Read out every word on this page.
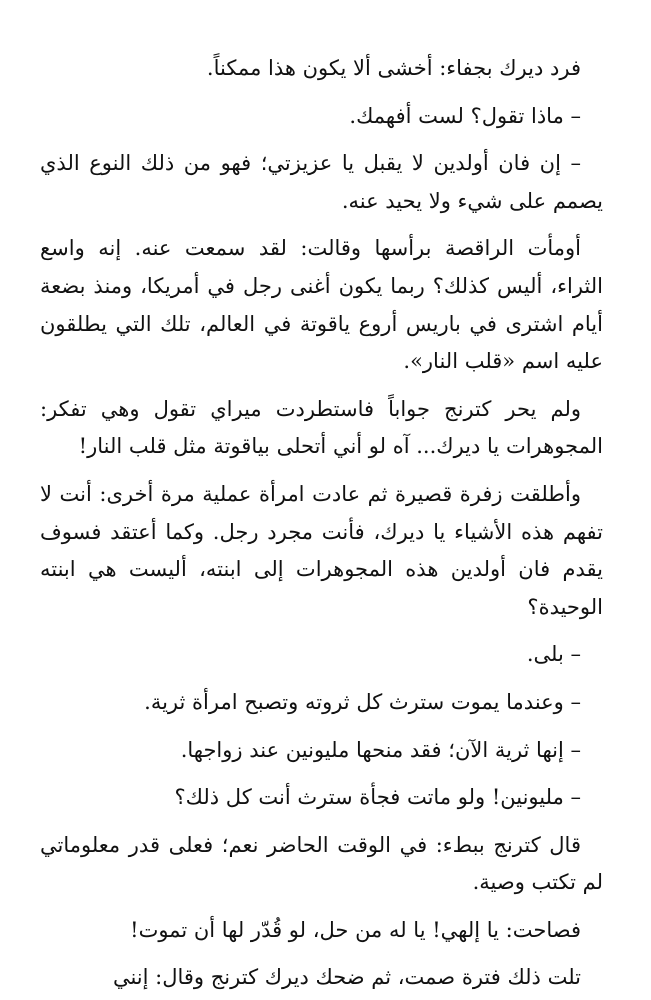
فرد ديرك بجفاء: أخشى ألا يكون هذا ممكناً.

– ماذا تقول؟ لست أفهمك.

– إن فان أولدين لا يقبل يا عزيزتي؛ فهو من ذلك النوع الذي يصمم على شيء ولا يحيد عنه.

أومأت الراقصة برأسها وقالت: لقد سمعت عنه. إنه واسع الثراء، أليس كذلك؟ ربما يكون أغنى رجل في أمريكا، ومنذ بضعة أيام اشترى في باريس أروع ياقوتة في العالم، تلك التي يطلقون عليه اسم «قلب النار».

ولم يحر كترنج جواباً فاستطردت ميراي تقول وهي تفكر: المجوهرات يا ديرك... آه لو أني أتحلى بياقوتة مثل قلب النار!

وأطلقت زفرة قصيرة ثم عادت امرأة عملية مرة أخرى: أنت لا تفهم هذه الأشياء يا ديرك، فأنت مجرد رجل. وكما أعتقد فسوف يقدم فان أولدين هذه المجوهرات إلى ابنته، أليست هي ابنته الوحيدة؟

– بلى.

– وعندما يموت سترث كل ثروته وتصبح امرأة ثرية.

– إنها ثرية الآن؛ فقد منحها مليونين عند زواجها.

– مليونين! ولو ماتت فجأة سترث أنت كل ذلك؟

قال كترنج ببطء: في الوقت الحاضر نعم؛ فعلى قدر معلوماتي لم تكتب وصية.

فصاحت: يا إلهي! يا له من حل، لو قُدّر لها أن تموت!

تلت ذلك فترة صمت، ثم ضحك ديرك كترنج وقال: إنني
